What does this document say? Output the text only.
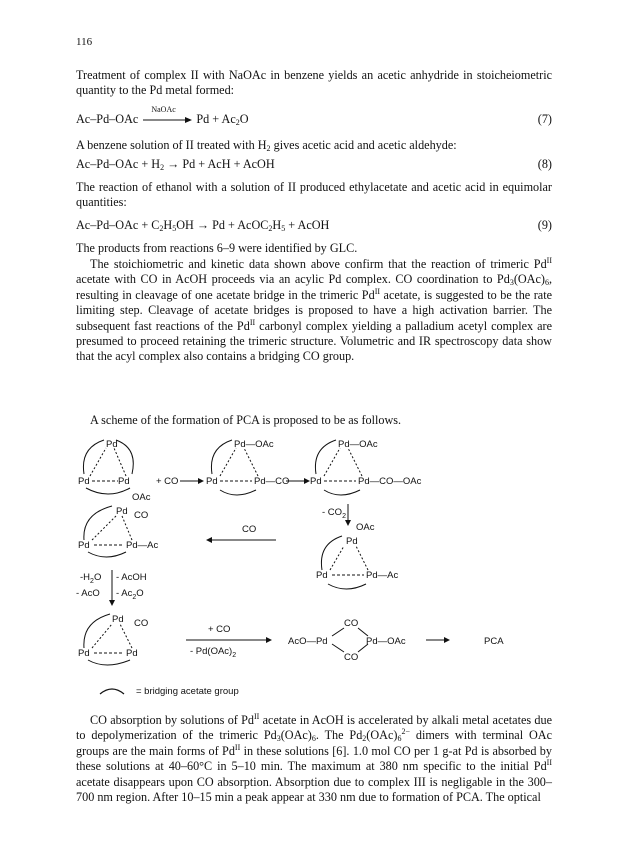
116
Treatment of complex II with NaOAc in benzene yields an acetic anhydride in stoicheiometric quantity to the Pd metal formed:
Ac–Pd–OAc
NaOAc
$Pd + Ac_2O$	(7)
A benzene solution of II treated with $H_2$ gives acetic acid and acetic aldehyde:
$Ac-Pd-OAc + H_2 \to Pd$ + AcH + AcOH	(8)
The reaction of ethanol with a solution of II produced ethylacetate and acetic acid in equimolar quantities:
$Ac-Pd-OAc + C_2H_5OH \to Pd$ + $AcOC_2H_5$ + AcOH	(9)
The products from reactions 6–9 were identified by GLC.
The stoichiometric and kinetic data shown above confirm that the reaction of trimeric $Pd^{II}$ acetate with CO in AcOH proceeds via an acylic Pd complex. CO coordination to $Pd_3(OAc)_6$, resulting in cleavage of one acetate bridge in the trimeric $Pd^{II}$ acetate, is suggested to be the rate limiting step. Cleavage of acetate bridges is proposed to have a high activation barrier. The subsequent fast reactions of the $Pd^{II}$ carbonyl complex yielding a palladium acetyl complex are presumed to proceed retaining the trimeric structure. Volumetric and IR spectroscopy data show that the acyl complex also contains a bridging CO group.
A scheme of the formation of PCA is proposed to be as follows.
Pd
Pd	Pd	+ CO
Pd—OAc
Pd	Pd—CO
Pd—OAc
Pd	Pd—CO—OAc
- $CO_2$
OAc
Pd
Pd	Pd—Ac
CO
OAc
Pd CO
Pd	Pd—Ac
$-H_2O$ - AcOH
- AcO - $Ac_2O$
Pd CO
Pd	Pd
+ CO
- $Pd(OAc)_2$
AcO—Pd
CO
CO
Pd—OAc	PCA
= bridging acetate group
CO absorption by solutions of $Pd^{II}$ acetate in AcOH is accelerated by alkali metal acetates due to depolymerization of the trimeric $Pd_3(OAc)_6$. The $Pd_2(OAc)_6^{2-}$ dimers with terminal OAc groups are the main forms of $Pd^{II}$ in these solutions [6]. 1.0 mol CO per 1 g-at Pd is absorbed by these solutions at 40–60°C in 5–10 min. The maximum at 380 nm specific to the initial $Pd^{II}$ acetate disappears upon CO absorption. Absorption due to complex III is negligable in the 300–700 nm region. After 10–15 min a peak appear at 330 nm due to formation of PCA. The optical
